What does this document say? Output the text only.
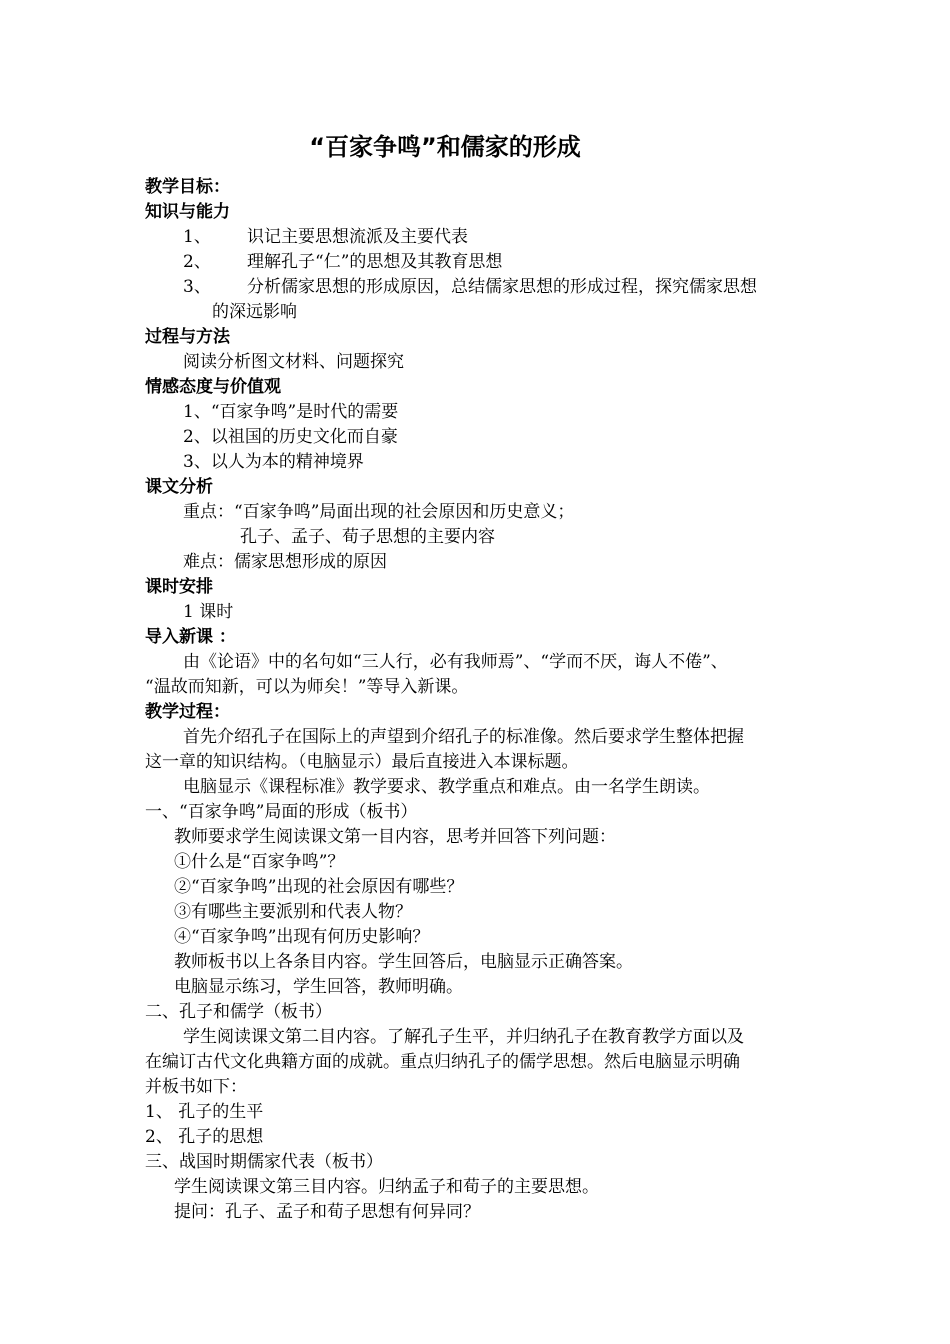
“百家争鸣”和儒家的形成
教学目标：
知识与能力
1、 识记主要思想流派及主要代表
2、 理解孔子“仁”的思想及其教育思想
3、 分析儒家思想的形成原因，总结儒家思想的形成过程，探究儒家思想
的深远影响
过程与方法
阅读分析图文材料、问题探究
情感态度与价值观
1、“百家争鸣”是时代的需要
2、以祖国的历史文化而自豪
3、以人为本的精神境界
课文分析
重点：“百家争鸣”局面出现的社会原因和历史意义；
孔子、孟子、荀子思想的主要内容
难点：儒家思想形成的原因
课时安排
1 课时
导入新课 ：
由《论语》中的名句如“三人行，必有我师焉”、“学而不厌，诲人不倦”、
“温故而知新，可以为师矣！”等导入新课。
教学过程：
首先介绍孔子在国际上的声望到介绍孔子的标准像。然后要求学生整体把握
这一章的知识结构。（电脑显示）最后直接进入本课标题。
电脑显示《课程标准》教学要求、教学重点和难点。由一名学生朗读。
一、“百家争鸣”局面的形成（板书）
教师要求学生阅读课文第一目内容，思考并回答下列问题：
①什么是“百家争鸣”？
②“百家争鸣”出现的社会原因有哪些？
③有哪些主要派别和代表人物？
④“百家争鸣”出现有何历史影响？
教师板书以上各条目内容。学生回答后，电脑显示正确答案。
电脑显示练习，学生回答，教师明确。
二、孔子和儒学（板书）
学生阅读课文第二目内容。了解孔子生平，并归纳孔子在教育教学方面以及
在编订古代文化典籍方面的成就。重点归纳孔子的儒学思想。然后电脑显示明确
并板书如下：
1、 孔子的生平
2、 孔子的思想
三、战国时期儒家代表（板书）
学生阅读课文第三目内容。归纳孟子和荀子的主要思想。
提问：孔子、孟子和荀子思想有何异同？
